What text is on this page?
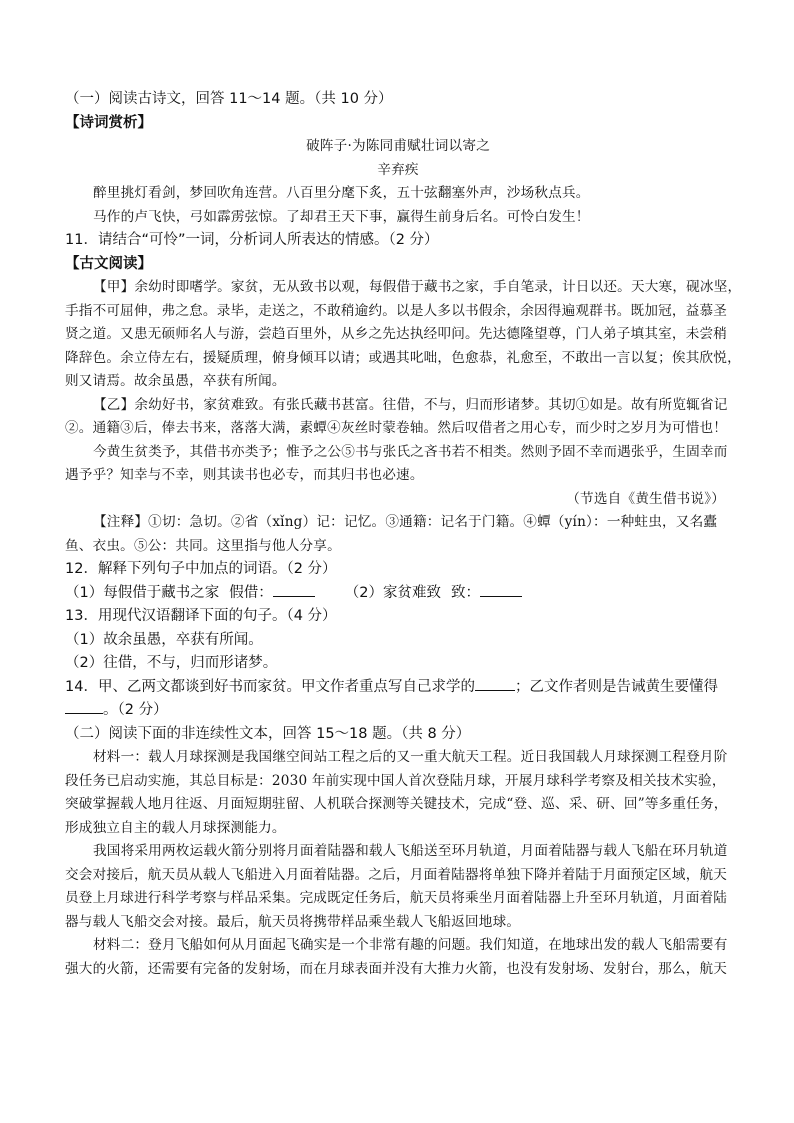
（一）阅读古诗文，回答 11～14 题。（共 10 分）
【诗词赏析】
破阵子·为陈同甫赋壮词以寄之
辛弃疾
醉里挑灯看剑，梦回吹角连营。八百里分麾下炙，五十弦翻塞外声，沙场秋点兵。
马作的卢飞快，弓如霹雳弦惊。了却君王天下事，赢得生前身后名。可怜白发生！
11．请结合“可怜”一词，分析词人所表达的情感。（2 分）
【古文阅读】
【甲】余幼时即嗜学。家贫，无从致书以观，每假借于藏书之家，手自笔录，计日以还。天大寒，砚冰坚，
手指不可屈伸，弗之怠。录毕，走送之，不敢稍逾约。以是人多以书假余，余因得遍观群书。既加冠，益慕圣
贤之道。又患无硕师名人与游，尝趋百里外，从乡之先达执经叩问。先达德隆望尊，门人弟子填其室，未尝稍
降辞色。余立侍左右，援疑质理，俯身倾耳以请；或遇其叱咄，色愈恭，礼愈至，不敢出一言以复；俟其欣悦，
则又请焉。故余虽愚，卒获有所闻。
【乙】余幼好书，家贫难致。有张氏藏书甚富。往借，不与，归而形诸梦。其切①如是。故有所览辄省记
②。通籍③后，俸去书来，落落大满，素蟫④灰丝时蒙卷轴。然后叹借者之用心专，而少时之岁月为可惜也！
今黄生贫类予，其借书亦类予；惟予之公⑤书与张氏之吝书若不相类。然则予固不幸而遇张乎，生固幸而
遇予乎？知幸与不幸，则其读书也必专，而其归书也必速。
（节选自《黄生借书说》）
【注释】①切：急切。②省（xǐng）记：记忆。③通籍：记名于门籍。④蟫（yín）：一种蛀虫，又名蠹
鱼、衣虫。⑤公：共同。这里指与他人分享。
12．解释下列句子中加点的词语。（2 分）
（1）每假借于藏书之家 假借：	（2）家贫难致 致：
13．用现代汉语翻译下面的句子。（4 分）
（1）故余虽愚，卒获有所闻。
（2）往借，不与，归而形诸梦。
14．甲、乙两文都谈到好书而家贫。甲文作者重点写自己求学的	；乙文作者则是告诫黄生要懂得
。（2 分）
（二）阅读下面的非连续性文本，回答 15～18 题。（共 8 分）
材料一：载人月球探测是我国继空间站工程之后的又一重大航天工程。近日我国载人月球探测工程登月阶
段任务已启动实施，其总目标是：2030 年前实现中国人首次登陆月球，开展月球科学考察及相关技术实验，
突破掌握载人地月往返、月面短期驻留、人机联合探测等关键技术，完成“登、巡、采、研、回”等多重任务，
形成独立自主的载人月球探测能力。
我国将采用两枚运载火箭分别将月面着陆器和载人飞船送至环月轨道，月面着陆器与载人飞船在环月轨道
交会对接后，航天员从载人飞船进入月面着陆器。之后，月面着陆器将单独下降并着陆于月面预定区域，航天
员登上月球进行科学考察与样品采集。完成既定任务后，航天员将乘坐月面着陆器上升至环月轨道，月面着陆
器与载人飞船交会对接。最后，航天员将携带样品乘坐载人飞船返回地球。
材料二：登月飞船如何从月面起飞确实是一个非常有趣的问题。我们知道，在地球出发的载人飞船需要有
强大的火箭，还需要有完备的发射场，而在月球表面并没有大推力火箭，也没有发射场、发射台，那么，航天
